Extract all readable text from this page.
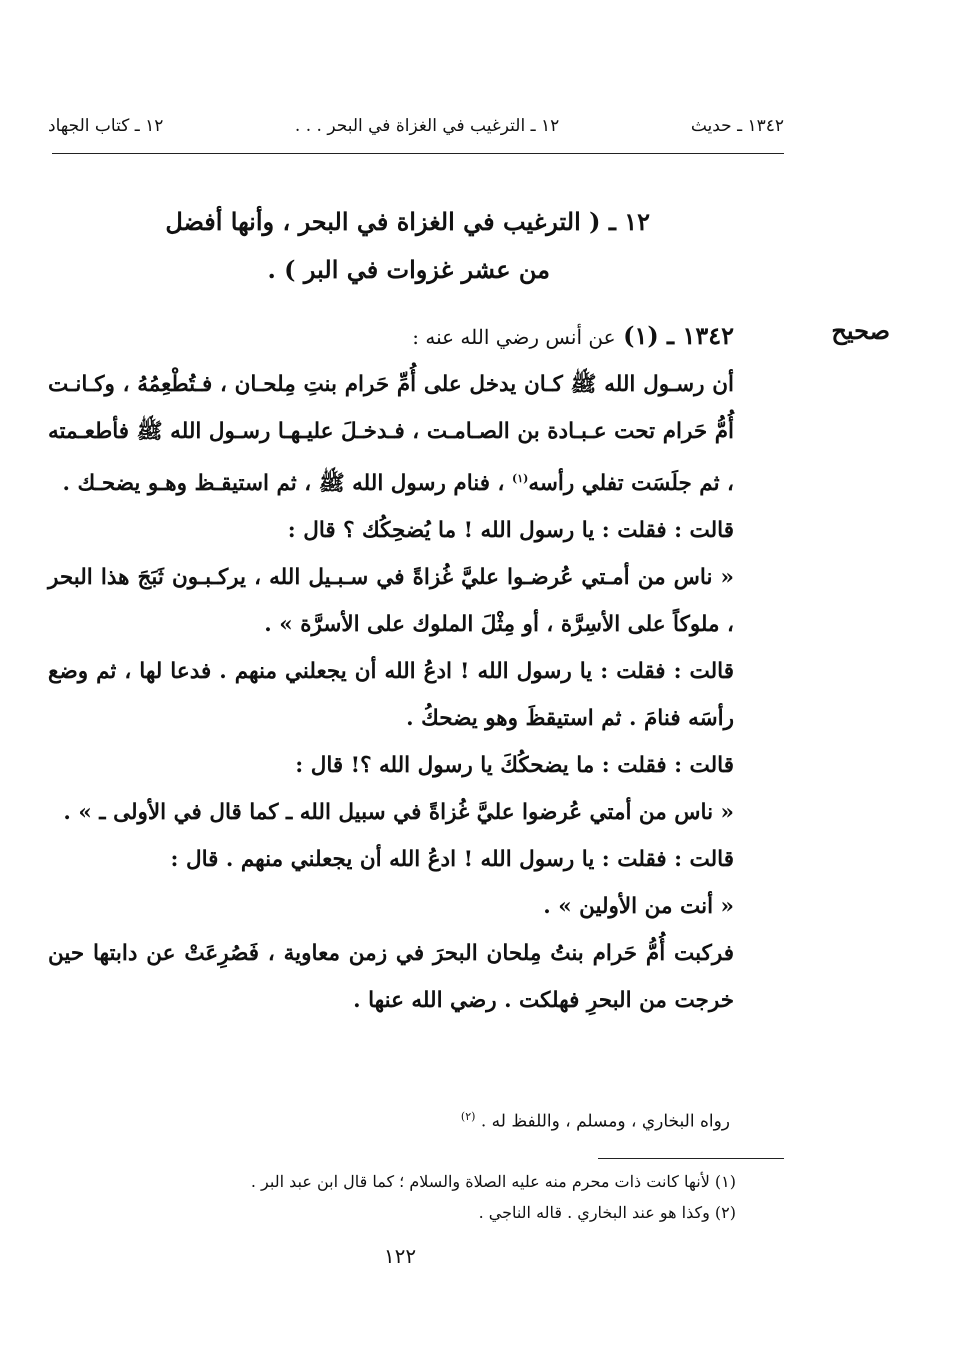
١٢ ـ كتاب الجهاد	١٢ ـ الترغيب في الغزاة في البحر . . .	١٣٤٢ ـ حديث
١٢ ـ ( الترغيب في الغزاة في البحر ، وأنها أفضل
من عشر غزوات في البر ) .
صحيح

١٣٤٢ ـ (١) عن أنس رضي الله عنه :

أن رسـول الله ﷺ كـان يدخل على أُمِّ حَرام بنتِ مِلحـان ، فـتُطْعِمُهُ ، وكـانـت أُمُّ حَرام تحت عـبـادة بن الصـامـت ، فـدخـلَ عليـهـا رسـول الله ﷺ فأطعـمته ، ثم جلَسَت تفلي رأسه$^{(١)}$ ، فنام رسول الله ﷺ ، ثم استيقـظ وهـو يضحـك .

قالت : فقلت : يا رسول الله ! ما يُضحِكُك ؟ قال :

« ناس من أمـتي عُرضـوا عليَّ غُزاةً في سـبـيل الله ، يركـبـون ثَبَجَ هذا البحر ، ملوكاً على الأسِرَّة ، أو مِثْلَ الملوك على الأسرَّة » .

قالت : فقلت : يا رسول الله ! ادعُ الله أن يجعلني منهم . فدعا لها ، ثم وضع رأسَه فنامَ . ثم استيقظَ وهو يضحكُ .

قالت : فقلت : ما يضحكُكَ يا رسول الله ؟! قال :

« ناس من أمتي عُرضوا عليَّ غُزاةً في سبيل الله ـ كما قال في الأولى ـ » .

قالت : فقلت : يا رسول الله ! ادعُ الله أن يجعلني منهم . قال :

« أنت من الأولين » .

فركبت أُمُّ حَرام بنتُ مِلحان البحرَ في زمن معاوية ، فَصُرِعَتْ عن دابتها حين خرجت من البحرِ فهلكت . رضي الله عنها .

رواه البخاري ، ومسلم ، واللفظ له . $^{(٢)}$

(١) لأنها كانت ذات محرم منه عليه الصلاة والسلام ؛ كما قال ابن عبد البر .

(٢) وكذا هو عند البخاري . قاله الناجي .

١٢٢
